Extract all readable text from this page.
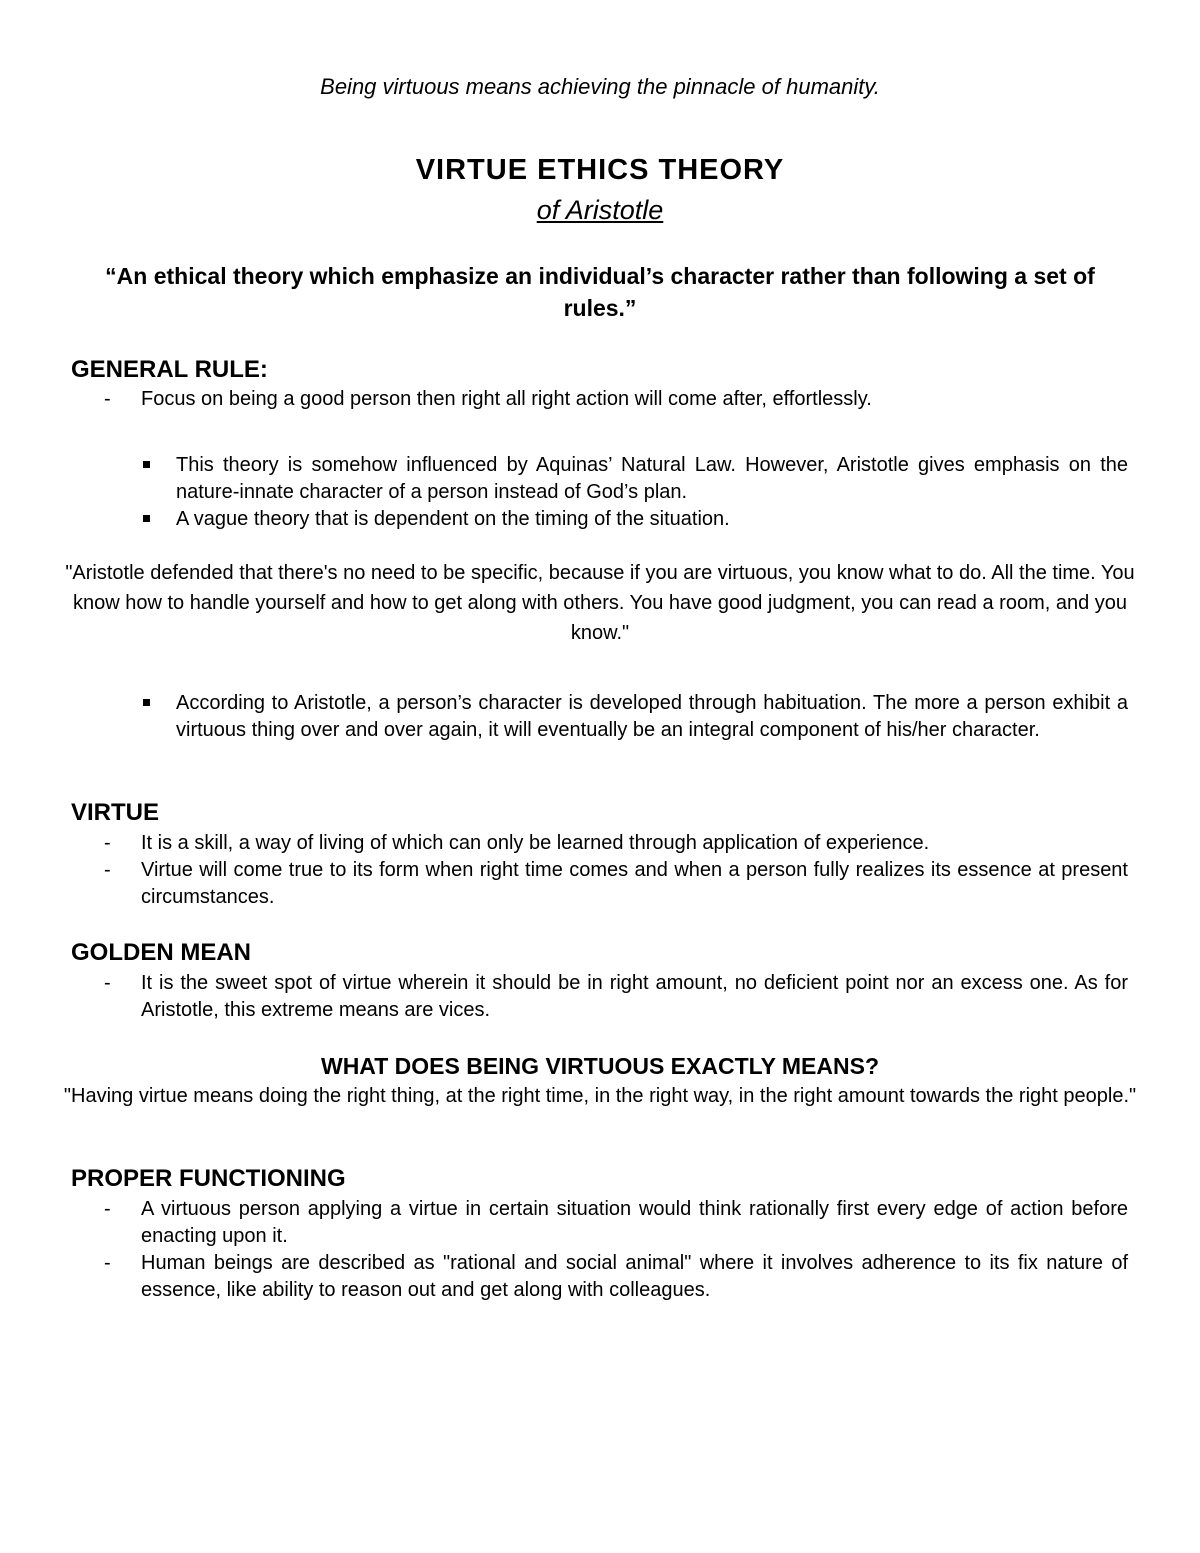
Being virtuous means achieving the pinnacle of humanity.

VIRTUE ETHICS THEORY

of Aristotle

“An ethical theory which emphasize an individual’s character rather than following a set of rules.”

GENERAL RULE:

- Focus on being a good person then right all right action will come after, effortlessly.
This theory is somehow influenced by Aquinas’ Natural Law. However, Aristotle gives emphasis on the nature-innate character of a person instead of God’s plan.
A vague theory that is dependent on the timing of the situation.

"Aristotle defended that there's no need to be specific, because if you are virtuous, you know what to do. All the time. You know how to handle yourself and how to get along with others. You have good judgment, you can read a room, and you know."

According to Aristotle, a person’s character is developed through habituation. The more a person exhibit a virtuous thing over and over again, it will eventually be an integral component of his/her character.

VIRTUE

- It is a skill, a way of living of which can only be learned through application of experience.
- Virtue will come true to its form when right time comes and when a person fully realizes its essence at present circumstances.

GOLDEN MEAN

- It is the sweet spot of virtue wherein it should be in right amount, no deficient point nor an excess one. As for Aristotle, this extreme means are vices.

WHAT DOES BEING VIRTUOUS EXACTLY MEANS?

"Having virtue means doing the right thing, at the right time, in the right way, in the right amount towards the right people."

PROPER FUNCTIONING

- A virtuous person applying a virtue in certain situation would think rationally first every edge of action before enacting upon it.
- Human beings are described as "rational and social animal" where it involves adherence to its fix nature of essence, like ability to reason out and get along with colleagues.
